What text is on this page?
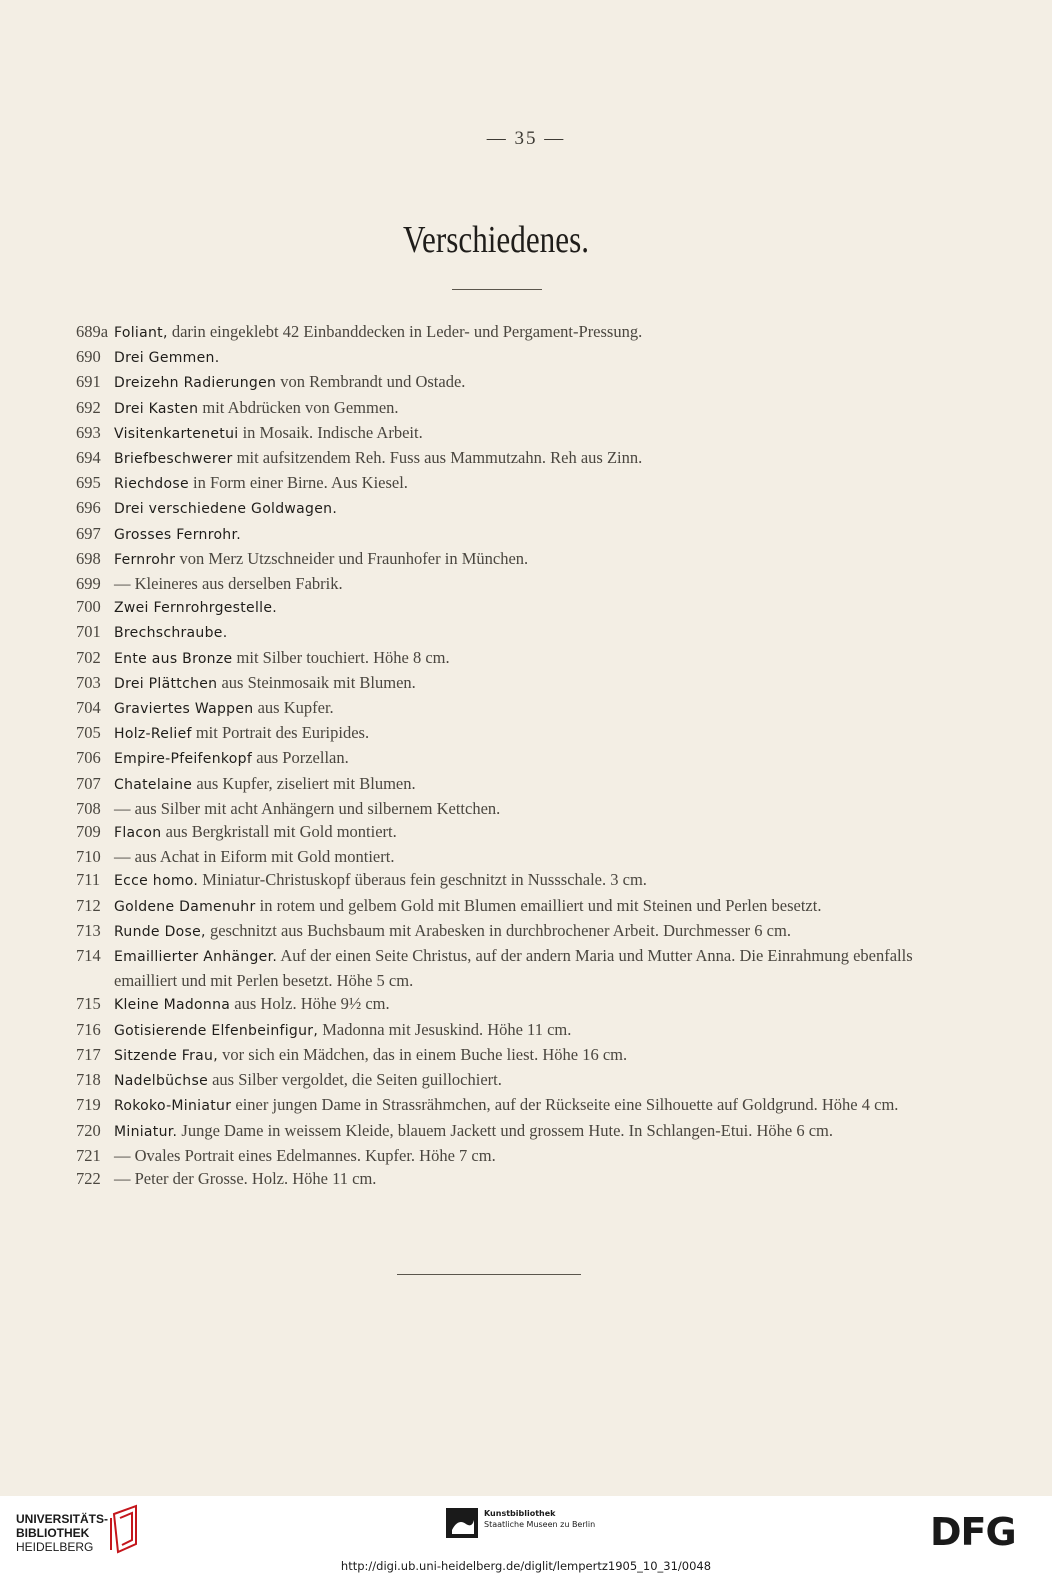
— 35 —
Verschiedenes.
689a Foliant, darin eingeklebt 42 Einbanddecken in Leder- und Pergament-Pressung.
690 Drei Gemmen.
691 Dreizehn Radierungen von Rembrandt und Ostade.
692 Drei Kasten mit Abdrücken von Gemmen.
693 Visitenkartenetui in Mosaik. Indische Arbeit.
694 Briefbeschwerer mit aufsitzendem Reh. Fuss aus Mammutzahn. Reh aus Zinn.
695 Riechdose in Form einer Birne. Aus Kiesel.
696 Drei verschiedene Goldwagen.
697 Grosses Fernrohr.
698 Fernrohr von Merz Utzschneider und Fraunhofer in München.
699 — Kleineres aus derselben Fabrik.
700 Zwei Fernrohrgestelle.
701 Brechschraube.
702 Ente aus Bronze mit Silber touchiert. Höhe 8 cm.
703 Drei Plättchen aus Steinmosaik mit Blumen.
704 Graviertes Wappen aus Kupfer.
705 Holz-Relief mit Portrait des Euripides.
706 Empire-Pfeifenkopf aus Porzellan.
707 Chatelaine aus Kupfer, ziseliert mit Blumen.
708 — aus Silber mit acht Anhängern und silbernem Kettchen.
709 Flacon aus Bergkristall mit Gold montiert.
710 — aus Achat in Eiform mit Gold montiert.
711 Ecce homo. Miniatur-Christuskopf überaus fein geschnitzt in Nussschale. 3 cm.
712 Goldene Damenuhr in rotem und gelbem Gold mit Blumen emailliert und mit Steinen und Perlen besetzt.
713 Runde Dose, geschnitzt aus Buchsbaum mit Arabesken in durchbrochener Arbeit. Durchmesser 6 cm.
714 Emaillierter Anhänger. Auf der einen Seite Christus, auf der andern Maria und Mutter Anna. Die Einrahmung ebenfalls emailliert und mit Perlen besetzt. Höhe 5 cm.
715 Kleine Madonna aus Holz. Höhe 9½ cm.
716 Gotisierende Elfenbeinfigur, Madonna mit Jesuskind. Höhe 11 cm.
717 Sitzende Frau, vor sich ein Mädchen, das in einem Buche liest. Höhe 16 cm.
718 Nadelbüchse aus Silber vergoldet, die Seiten guillochiert.
719 Rokoko-Miniatur einer jungen Dame in Strassrähmchen, auf der Rückseite eine Silhouette auf Goldgrund. Höhe 4 cm.
720 Miniatur. Junge Dame in weissem Kleide, blauem Jackett und grossem Hute. In Schlangen-Etui. Höhe 6 cm.
721 — Ovales Portrait eines Edelmannes. Kupfer. Höhe 7 cm.
722 — Peter der Grosse. Holz. Höhe 11 cm.
UNIVERSITÄTS-
BIBLIOTHEK
HEIDELBERG
Kunstbibliothek
Staatliche Museen zu Berlin	DFG
http://digi.ub.uni-heidelberg.de/diglit/lempertz1905_10_31/0048
